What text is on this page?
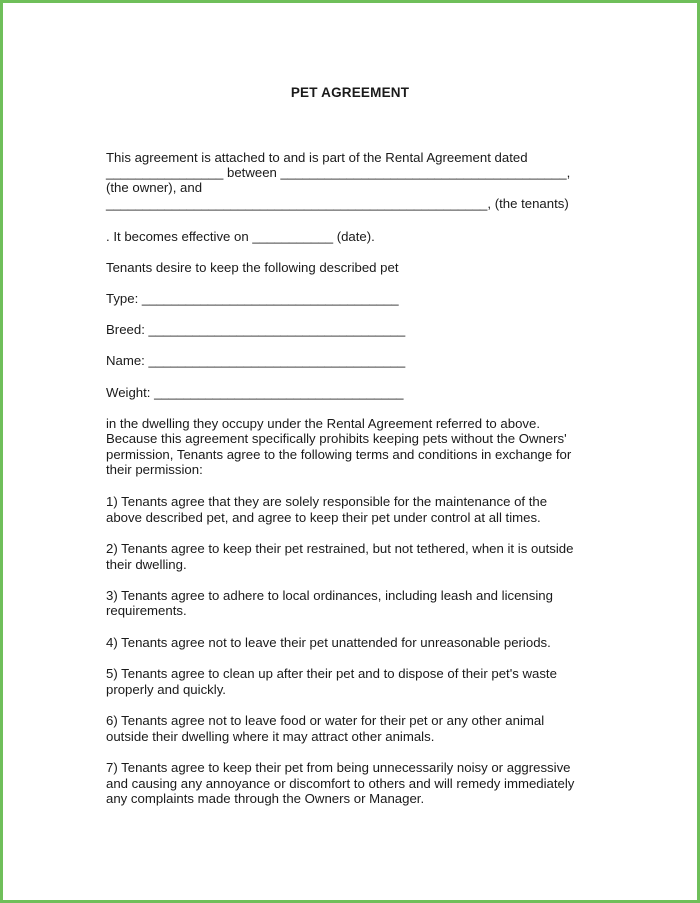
PET AGREEMENT
This agreement is attached to and is part of the Rental Agreement dated
________________ between _______________________________________,
(the owner), and
____________________________________________________, (the tenants)
. It becomes effective on ___________ (date).
Tenants desire to keep the following described pet
Type: ___________________________________
Breed: ___________________________________
Name: ___________________________________
Weight: __________________________________
in the dwelling they occupy under the Rental Agreement referred to above.
Because this agreement specifically prohibits keeping pets without the Owners'
permission, Tenants agree to the following terms and conditions in exchange for
their permission:
1) Tenants agree that they are solely responsible for the maintenance of the
above described pet, and agree to keep their pet under control at all times.
2) Tenants agree to keep their pet restrained, but not tethered, when it is outside
their dwelling.
3) Tenants agree to adhere to local ordinances, including leash and licensing
requirements.
4) Tenants agree not to leave their pet unattended for unreasonable periods.
5) Tenants agree to clean up after their pet and to dispose of their pet's waste
properly and quickly.
6) Tenants agree not to leave food or water for their pet or any other animal
outside their dwelling where it may attract other animals.
7) Tenants agree to keep their pet from being unnecessarily noisy or aggressive
and causing any annoyance or discomfort to others and will remedy immediately
any complaints made through the Owners or Manager.
